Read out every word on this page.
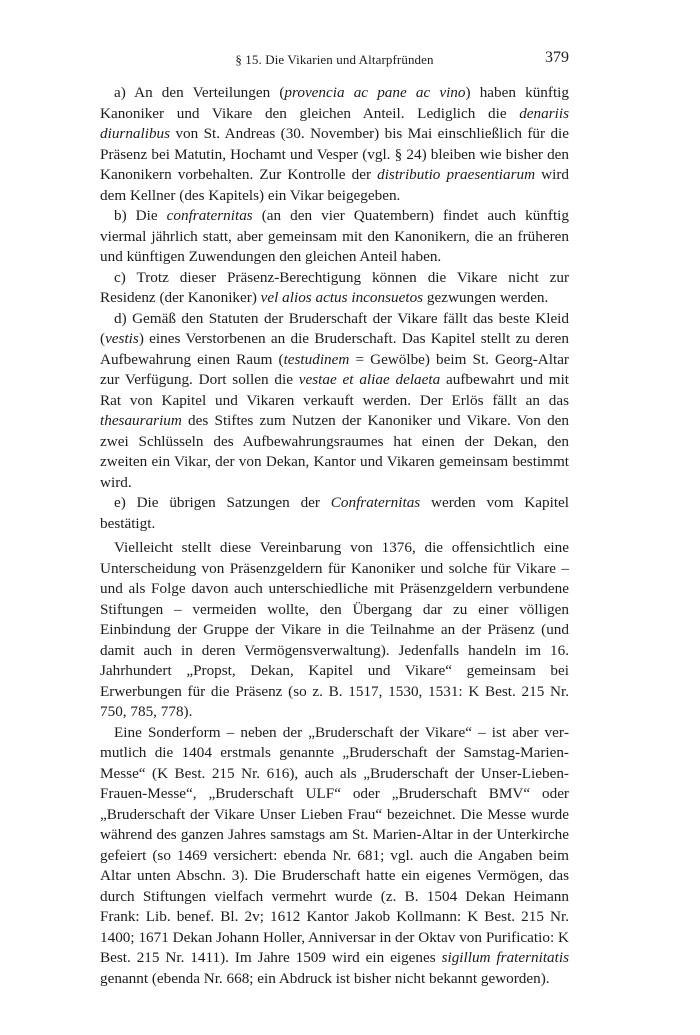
§ 15. Die Vikarien und Altarpfründen	379

a) An den Verteilungen (provencia ac pane ac vino) haben künftig Kanoniker und Vikare den gleichen Anteil. Lediglich die denariis diurnalibus von St. Andreas (30. November) bis Mai einschließlich für die Präsenz bei Matutin, Hochamt und Vesper (vgl. § 24) bleiben wie bisher den Kanonikern vorbehalten. Zur Kontrolle der distributio praesentiarum wird dem Kellner (des Kapitels) ein Vikar beigegeben.

b) Die confraternitas (an den vier Quatembern) findet auch künftig viermal jährlich statt, aber gemeinsam mit den Kanonikern, die an früheren und künftigen Zuwendungen den gleichen Anteil haben.

c) Trotz dieser Präsenz-Berechtigung können die Vikare nicht zur Residenz (der Kanoniker) vel alios actus inconsuetos gezwungen werden.

d) Gemäß den Statuten der Bruderschaft der Vikare fällt das beste Kleid (vestis) eines Verstorbenen an die Bruderschaft. Das Kapitel stellt zu deren Aufbewahrung einen Raum (testudinem = Gewölbe) beim St. Georg-Altar zur Verfügung. Dort sollen die vestae et aliae delaeta aufbewahrt und mit Rat von Kapitel und Vikaren verkauft werden. Der Erlös fällt an das thesaurarium des Stiftes zum Nutzen der Kanoniker und Vikare. Von den zwei Schlüsseln des Aufbewahrungsraumes hat einen der Dekan, den zweiten ein Vikar, der von Dekan, Kantor und Vikaren gemeinsam bestimmt wird.

e) Die übrigen Satzungen der Confraternitas werden vom Kapitel bestätigt.

Vielleicht stellt diese Vereinbarung von 1376, die offensichtlich eine Unterscheidung von Präsenzgeldern für Kanoniker und solche für Vikare – und als Folge davon auch unterschiedliche mit Präsenzgeldern verbundene Stiftungen – vermeiden wollte, den Übergang dar zu einer völligen Einbindung der Gruppe der Vikare in die Teilnahme an der Präsenz (und damit auch in deren Vermögensverwaltung). Jedenfalls handeln im 16. Jahrhundert „Propst, Dekan, Kapitel und Vikare“ gemeinsam bei Erwerbungen für die Präsenz (so z. B. 1517, 1530, 1531: K Best. 215 Nr. 750, 785, 778).

Eine Sonderform – neben der „Bruderschaft der Vikare“ – ist aber vermutlich die 1404 erstmals genannte „Bruderschaft der Samstag-Marien-Messe“ (K Best. 215 Nr. 616), auch als „Bruderschaft der Unser-Lieben-Frauen-Messe“, „Bruderschaft ULF“ oder „Bruderschaft BMV“ oder „Bruderschaft der Vikare Unser Lieben Frau“ bezeichnet. Die Messe wurde während des ganzen Jahres samstags am St. Marien-Altar in der Unterkirche gefeiert (so 1469 versichert: ebenda Nr. 681; vgl. auch die Angaben beim Altar unten Abschn. 3). Die Bruderschaft hatte ein eigenes Vermögen, das durch Stiftungen vielfach vermehrt wurde (z. B. 1504 Dekan Heimann Frank: Lib. benef. Bl. 2v; 1612 Kantor Jakob Kollmann: K Best. 215 Nr. 1400; 1671 Dekan Johann Holler, Anniversar in der Oktav von Purificatio: K Best. 215 Nr. 1411). Im Jahre 1509 wird ein eigenes sigillum fraternitatis genannt (ebenda Nr. 668; ein Abdruck ist bisher nicht bekannt geworden).
